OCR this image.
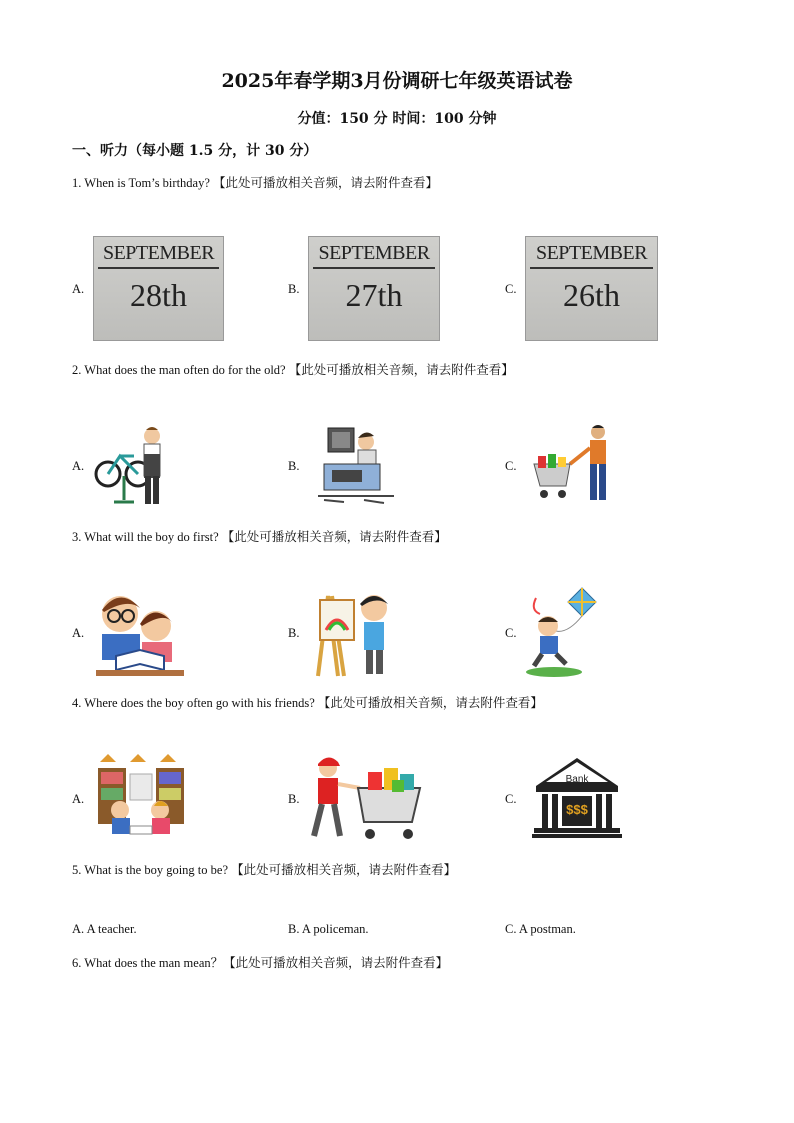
2025年春学期3月份调研七年级英语试卷
分值：150 分 时间：100 分钟
一、听力（每小题 1.5 分，计 30 分）
1. When is Tom’s birthday? 【此处可播放相关音频，请去附件查看】
A.
SEPTEMBER
28th	B.
SEPTEMBER
27th	C.
SEPTEMBER
26th
2. What does the man often do for the old? 【此处可播放相关音频，请去附件查看】
A.	B.	C.
3. What will the boy do first? 【此处可播放相关音频，请去附件查看】
A.	B.	C.
4. Where does the boy often go with his friends? 【此处可播放相关音频，请去附件查看】
A.	B.	C.
Bank
$$$
5. What is the boy going to be? 【此处可播放相关音频，请去附件查看】
A. A teacher.	B. A policeman.	C. A postman.
6. What does the man mean？【此处可播放相关音频，请去附件查看】
